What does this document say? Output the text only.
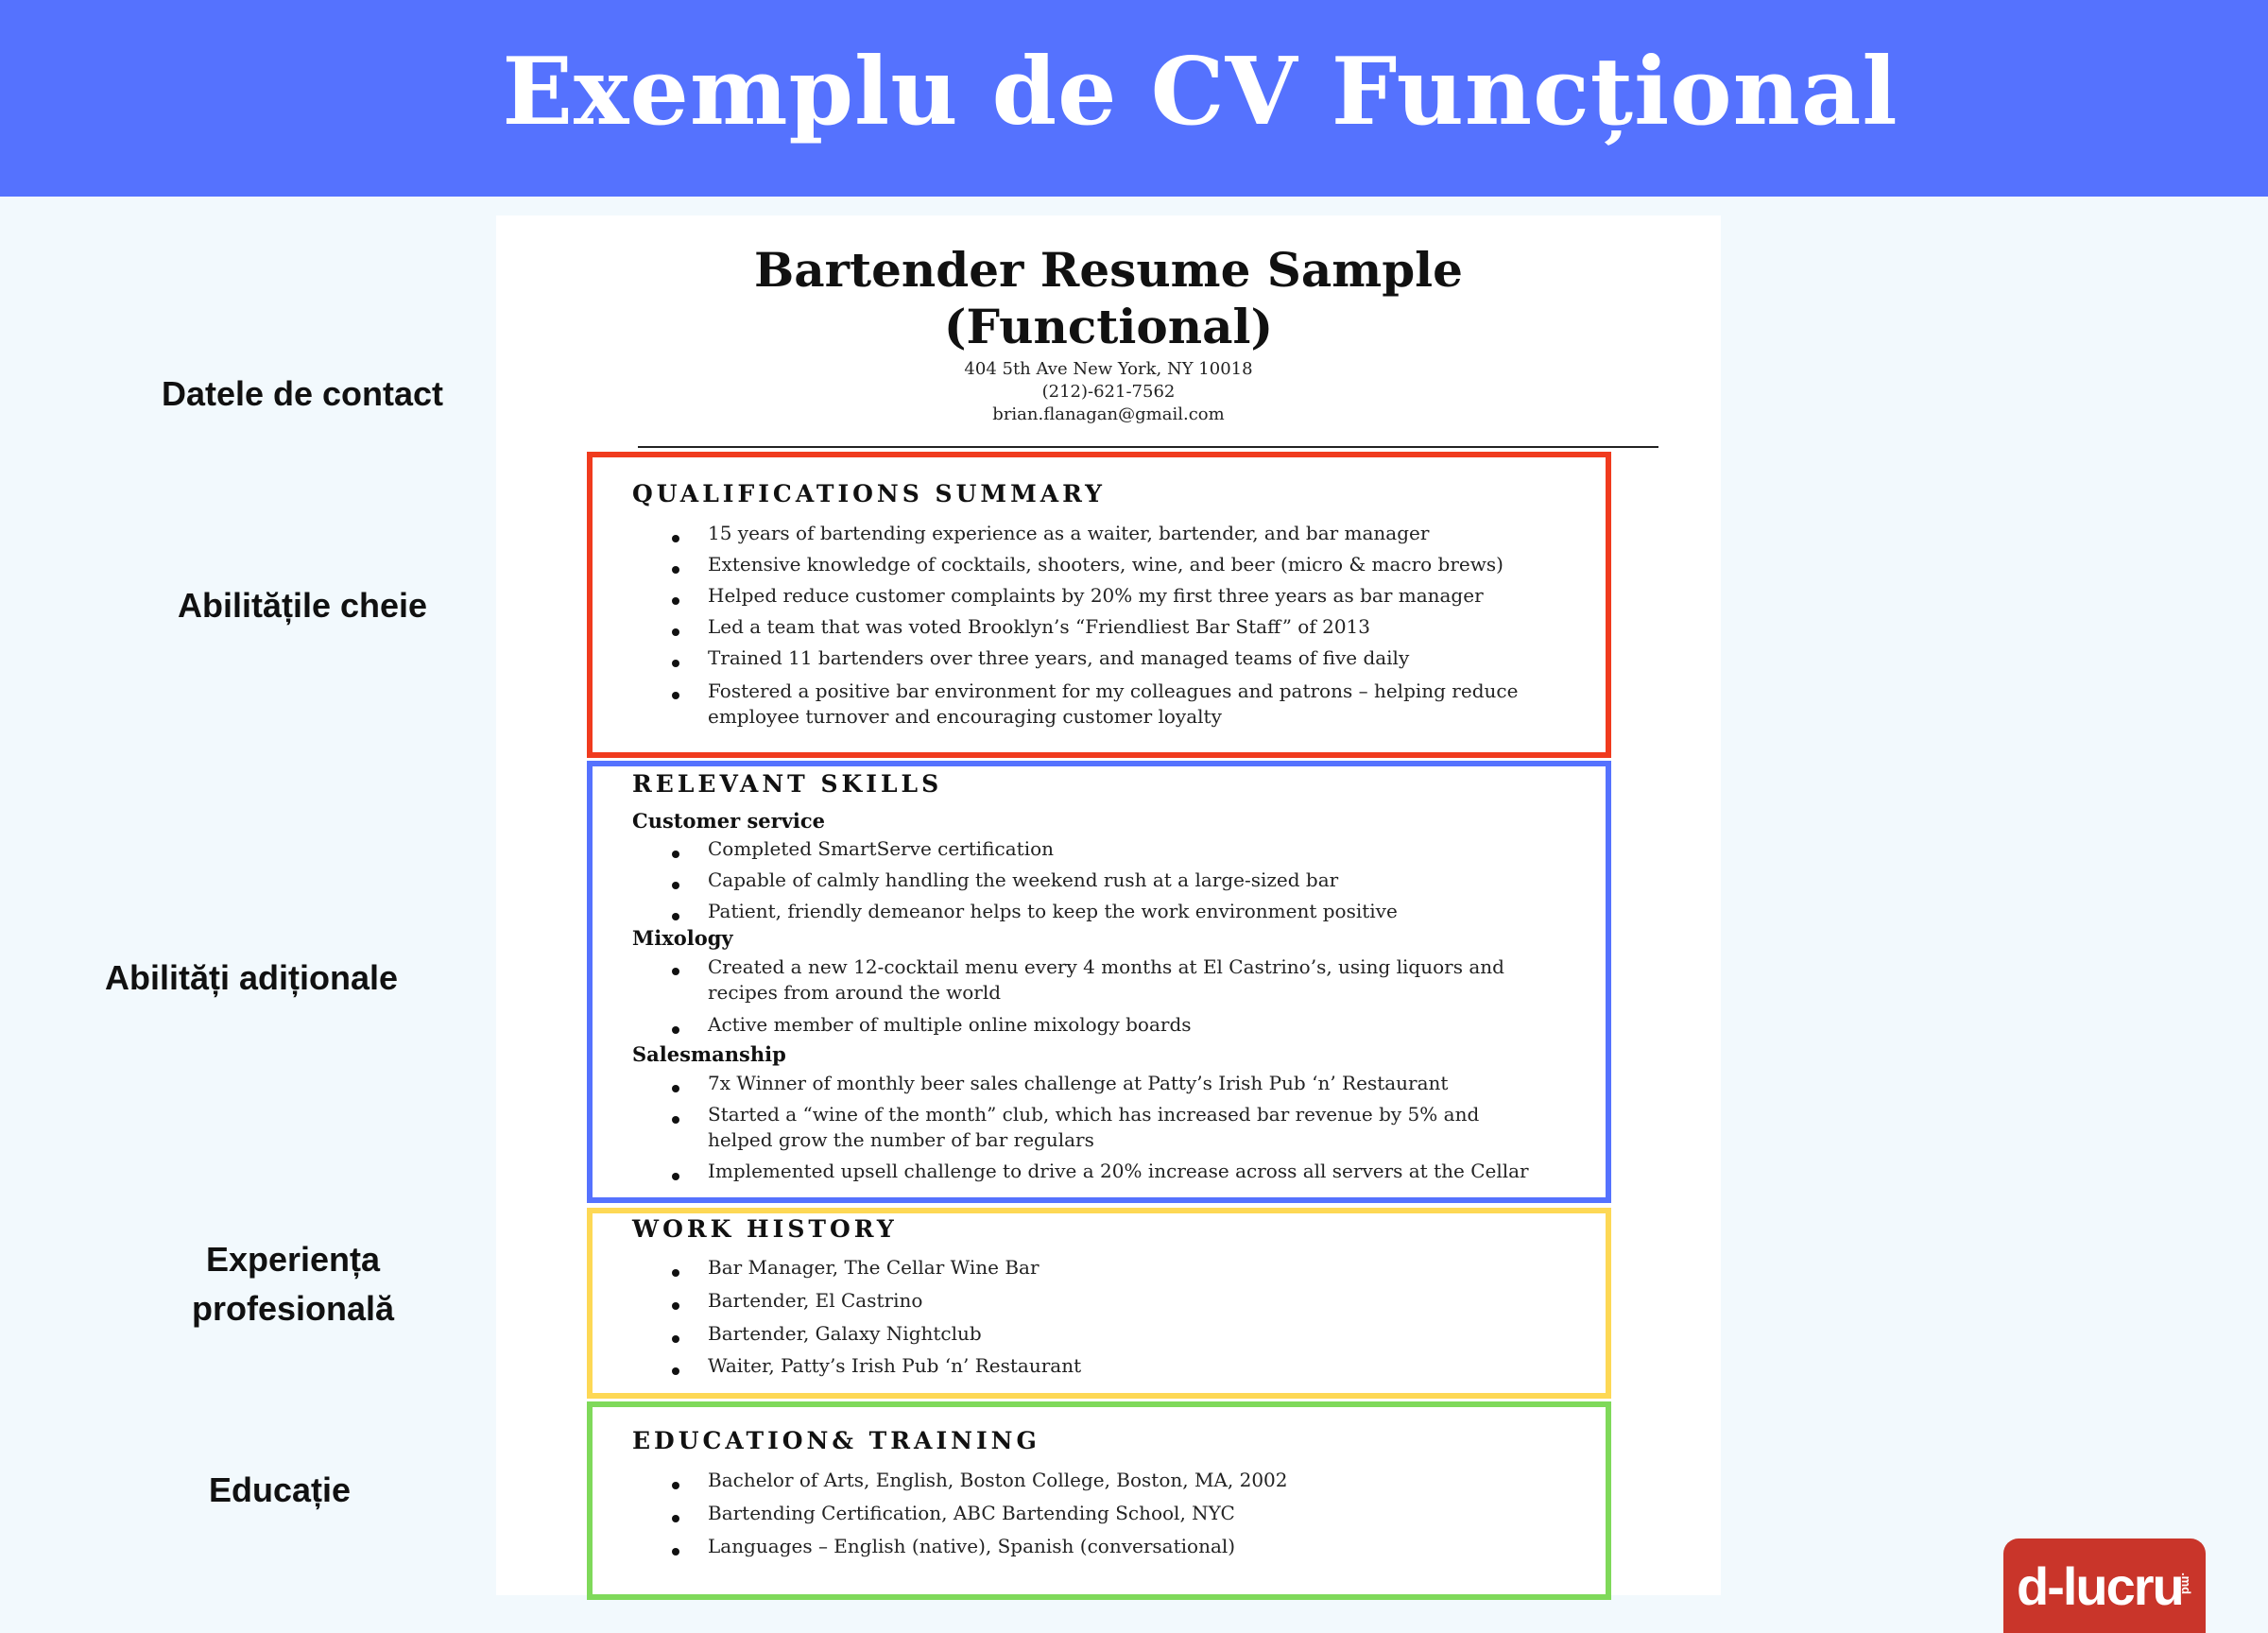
Exemplu de CV Funcțional
Datele de contact
Abilitățile cheie
Abilități adiționale
Experiența
profesională
Educație
Bartender Resume Sample
(Functional)
404 5th Ave New York, NY 10018
(212)-621-7562
brian.flanagan@gmail.com
QUALIFICATIONS SUMMARY
15 years of bartending experience as a waiter, bartender, and bar manager
Extensive knowledge of cocktails, shooters, wine, and beer (micro & macro brews)
Helped reduce customer complaints by 20% my first three years as bar manager
Led a team that was voted Brooklyn’s “Friendliest Bar Staff” of 2013
Trained 11 bartenders over three years, and managed teams of five daily
Fostered a positive bar environment for my colleagues and patrons – helping reduce employee turnover and encouraging customer loyalty
RELEVANT SKILLS
Customer service
Completed SmartServe certification
Capable of calmly handling the weekend rush at a large-sized bar
Patient, friendly demeanor helps to keep the work environment positive
Mixology
Created a new 12-cocktail menu every 4 months at El Castrino’s, using liquors and recipes from around the world
Active member of multiple online mixology boards
Salesmanship
7x Winner of monthly beer sales challenge at Patty’s Irish Pub ‘n’ Restaurant
Started a “wine of the month” club, which has increased bar revenue by 5% and helped grow the number of bar regulars
Implemented upsell challenge to drive a 20% increase across all servers at the Cellar
WORK HISTORY
Bar Manager, The Cellar Wine Bar
Bartender, El Castrino
Bartender, Galaxy Nightclub
Waiter, Patty’s Irish Pub ‘n’ Restaurant
EDUCATION& TRAINING
Bachelor of Arts, English, Boston College, Boston, MA, 2002
Bartending Certification, ABC Bartending School, NYC
Languages – English (native), Spanish (conversational)
d-lucru
.md
